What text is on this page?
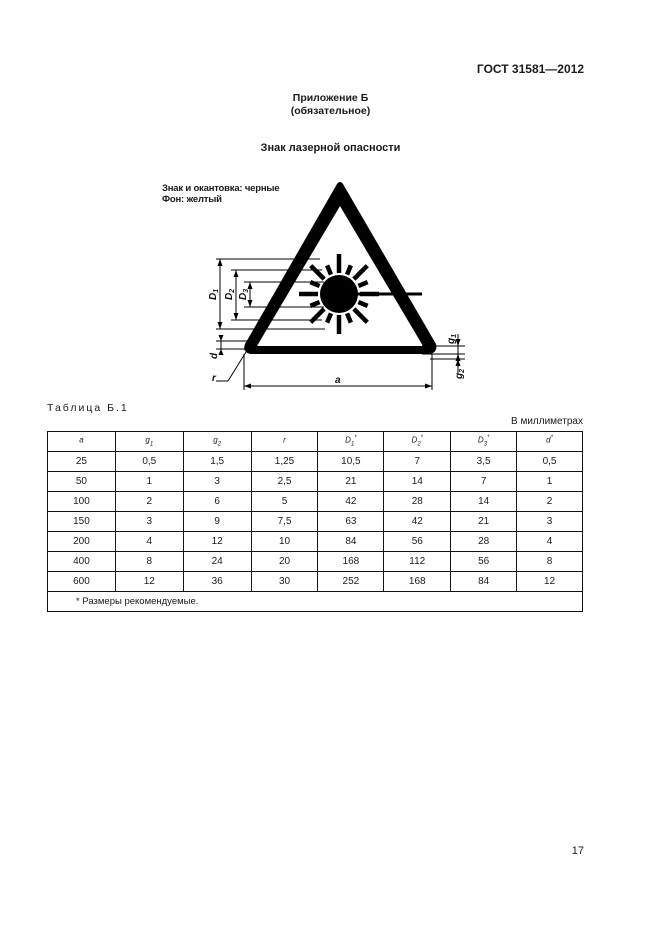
ГОСТ 31581—2012
Приложение Б
(обязательное)
Знак лазерной опасности
Знак и окантовка: черные
Фон: желтый
$D_1$
$D_2$
$D_3$
d
$g_1$
$g_2$
r	a
Таблица Б.1
В миллиметрах
a	$g_1$	$g_2$	r	$D_1^*$	$D_2^*$	$D_3^*$	d*
25	0,5	1,5	1,25	10,5	7	3,5	0,5
50	1	3	2,5	21	14	7	1
100	2	6	5	42	28	14	2
150	3	9	7,5	63	42	21	3
200	4	12	10	84	56	28	4
400	8	24	20	168	112	56	8
600	12	36	30	252	168	84	12
* Размеры рекомендуемые.							
17
